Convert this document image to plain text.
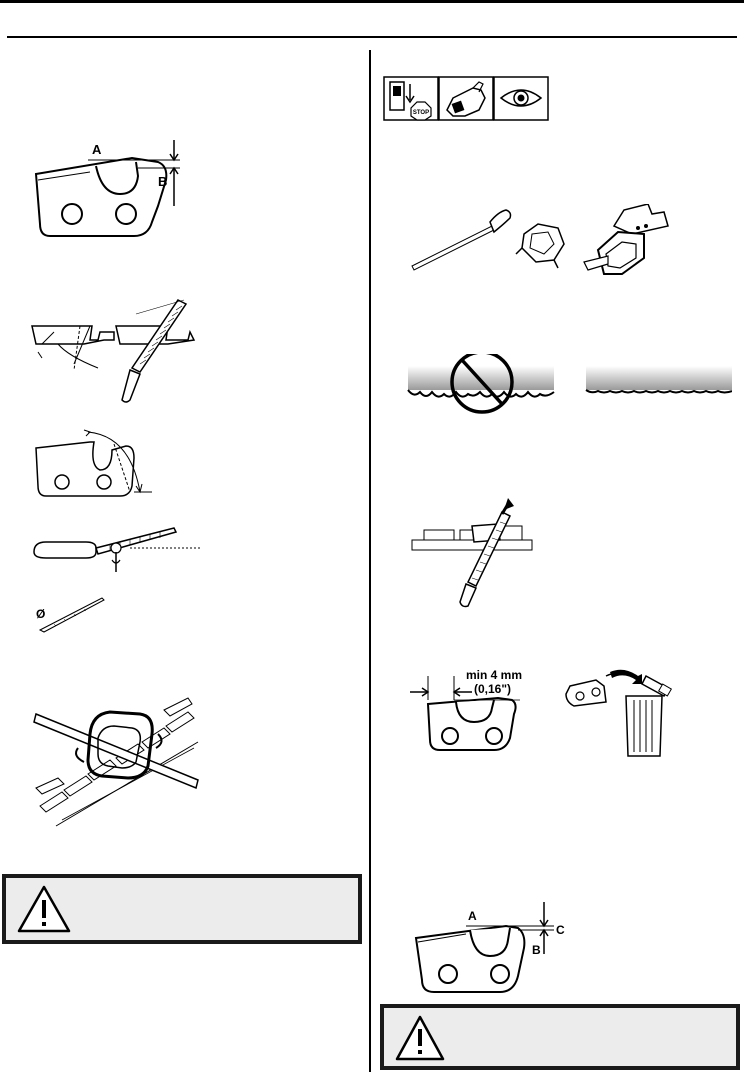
A
B
Ø
STOP
min 4 mm
(0,16")
A
B
C
